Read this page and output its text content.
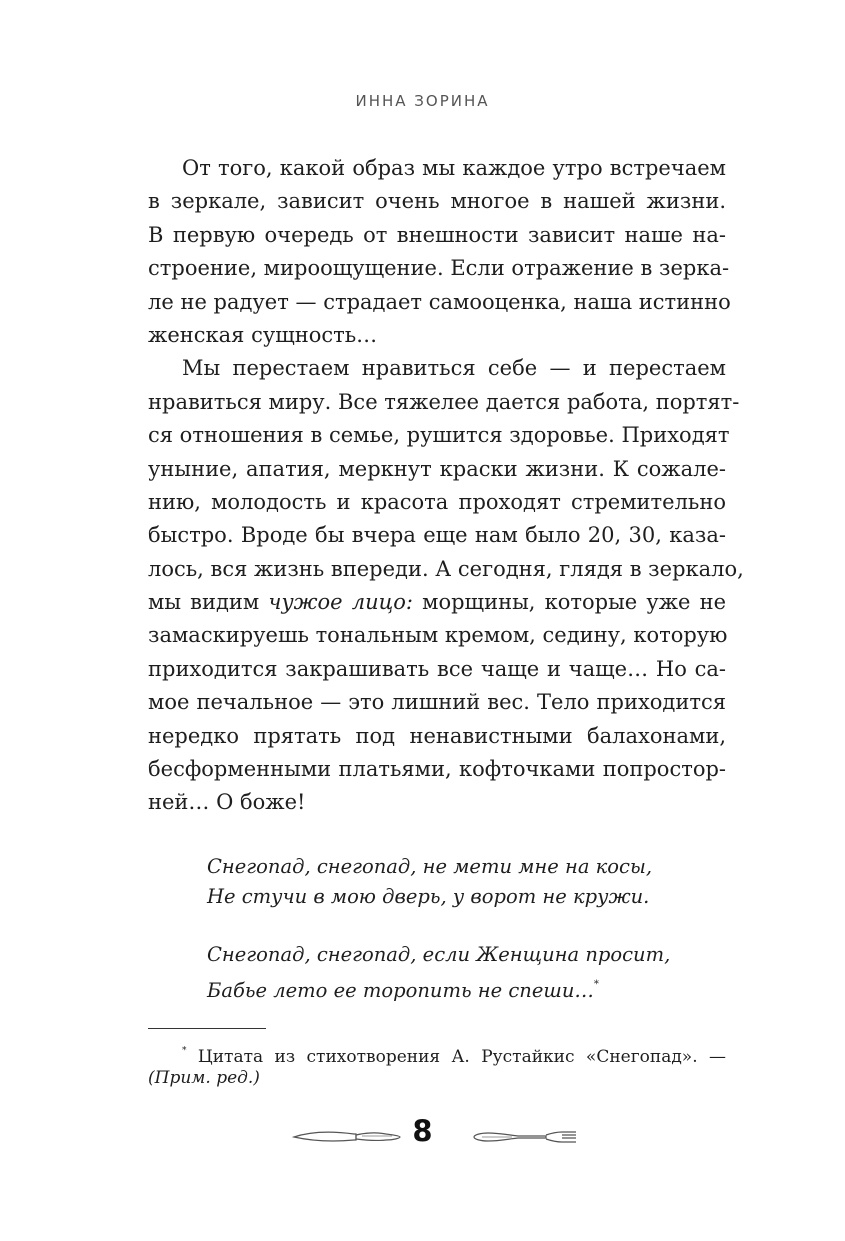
ИННА ЗОРИНА
От того, какой образ мы каждое утро встречаем
в зеркале, зависит очень многое в нашей жизни.
В первую очередь от внешности зависит наше на-
строение, мироощущение. Если отражение в зерка-
ле не радует — страдает самооценка, наша истинно
женская сущность…
Мы перестаем нравиться себе — и перестаем
нравиться миру. Все тяжелее дается работа, портят-
ся отношения в семье, рушится здоровье. Приходят
уныние, апатия, меркнут краски жизни. К сожале-
нию, молодость и красота проходят стремительно
быстро. Вроде бы вчера еще нам было 20, 30, каза-
лось, вся жизнь впереди. А сегодня, глядя в зеркало,
мы видим чужое лицо: морщины, которые уже не
замаскируешь тональным кремом, седину, которую
приходится закрашивать все чаще и чаще… Но са-
мое печальное — это лишний вес. Тело приходится
нередко прятать под ненавистными балахонами,
бесформенными платьями, кофточками попростор-
ней… О боже!
Снегопад, снегопад, не мети мне на косы,
Не стучи в мою дверь, у ворот не кружи.
Снегопад, снегопад, если Женщина просит,
Бабье лето ее торопить не спеши…*
* Цитата из стихотворения А. Рустайкис «Снегопад». —
(Прим. ред.)
8
